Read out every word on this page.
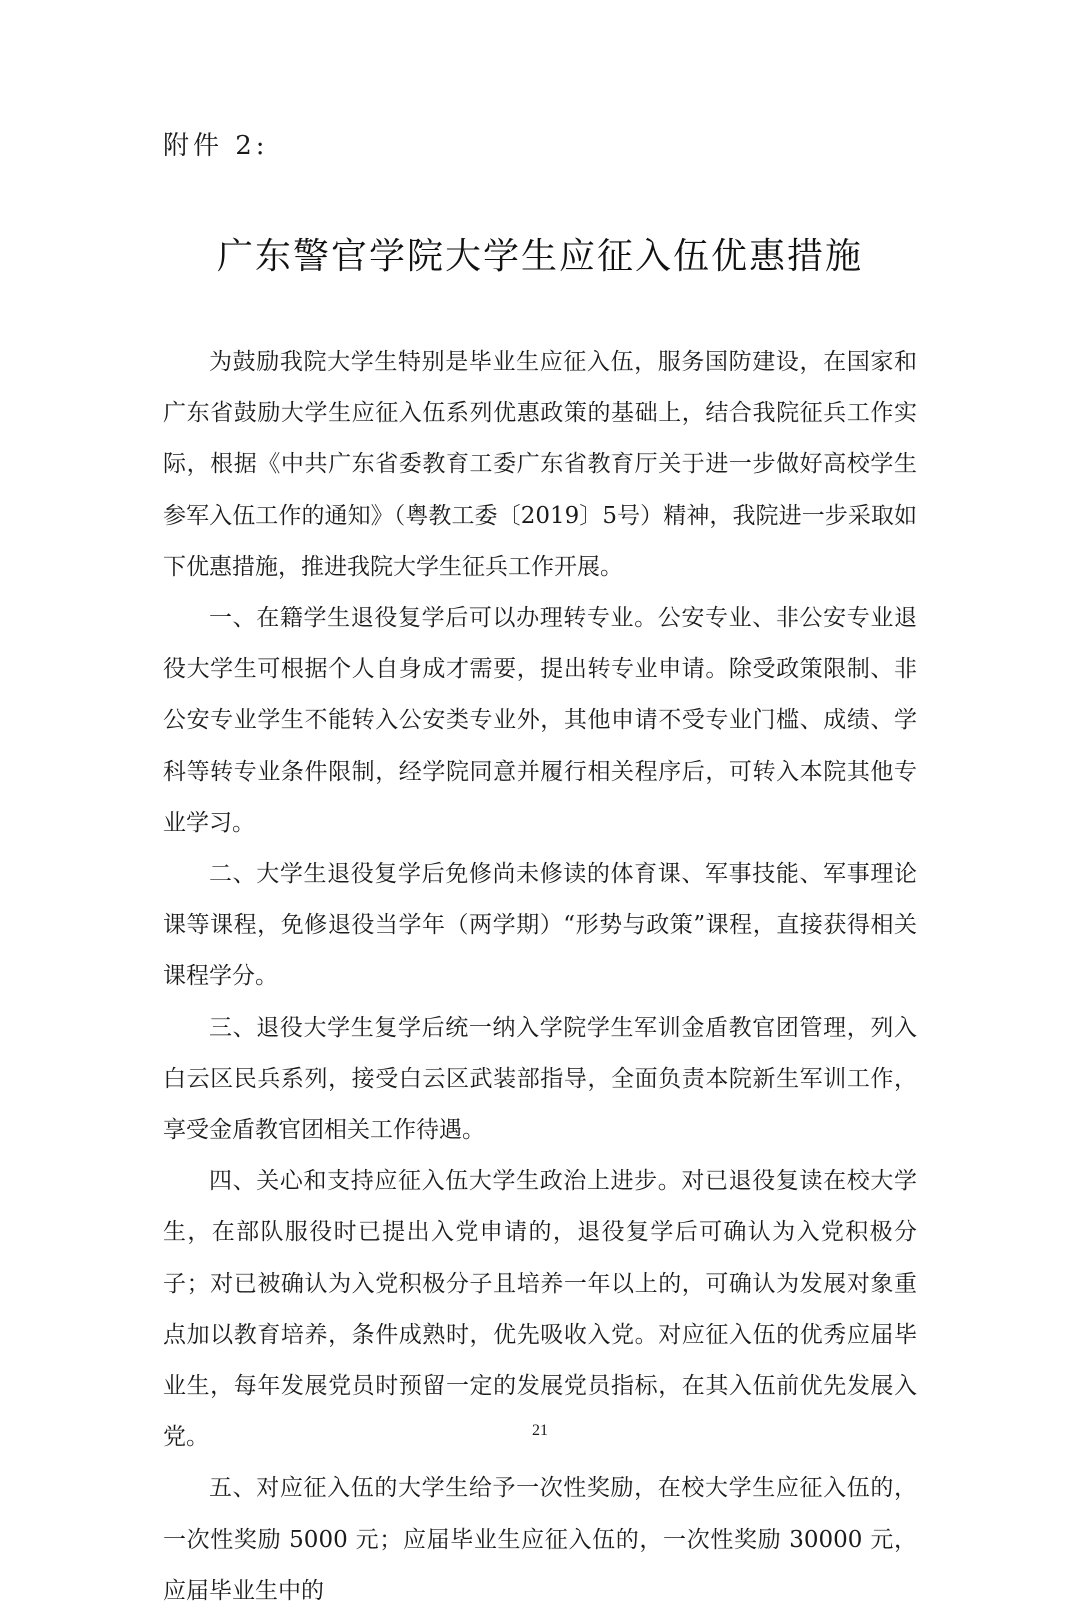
附件 2:
广东警官学院大学生应征入伍优惠措施

为鼓励我院大学生特别是毕业生应征入伍，服务国防建设，在国家和广东省鼓励大学生应征入伍系列优惠政策的基础上，结合我院征兵工作实际，根据《中共广东省委教育工委广东省教育厅关于进一步做好高校学生参军入伍工作的通知》（粤教工委〔2019〕5号）精神，我院进一步采取如下优惠措施，推进我院大学生征兵工作开展。

一、在籍学生退役复学后可以办理转专业。公安专业、非公安专业退役大学生可根据个人自身成才需要，提出转专业申请。除受政策限制、非公安专业学生不能转入公安类专业外，其他申请不受专业门槛、成绩、学科等转专业条件限制，经学院同意并履行相关程序后，可转入本院其他专业学习。

二、大学生退役复学后免修尚未修读的体育课、军事技能、军事理论课等课程，免修退役当学年（两学期）“形势与政策”课程，直接获得相关课程学分。

三、退役大学生复学后统一纳入学院学生军训金盾教官团管理，列入白云区民兵系列，接受白云区武装部指导，全面负责本院新生军训工作，享受金盾教官团相关工作待遇。

四、关心和支持应征入伍大学生政治上进步。对已退役复读在校大学生，在部队服役时已提出入党申请的，退役复学后可确认为入党积极分子；对已被确认为入党积极分子且培养一年以上的，可确认为发展对象重点加以教育培养，条件成熟时，优先吸收入党。对应征入伍的优秀应届毕业生，每年发展党员时预留一定的发展党员指标，在其入伍前优先发展入党。

五、对应征入伍的大学生给予一次性奖励，在校大学生应征入伍的，一次性奖励 5000 元；应届毕业生应征入伍的，一次性奖励 30000 元，应届毕业生中的

21
